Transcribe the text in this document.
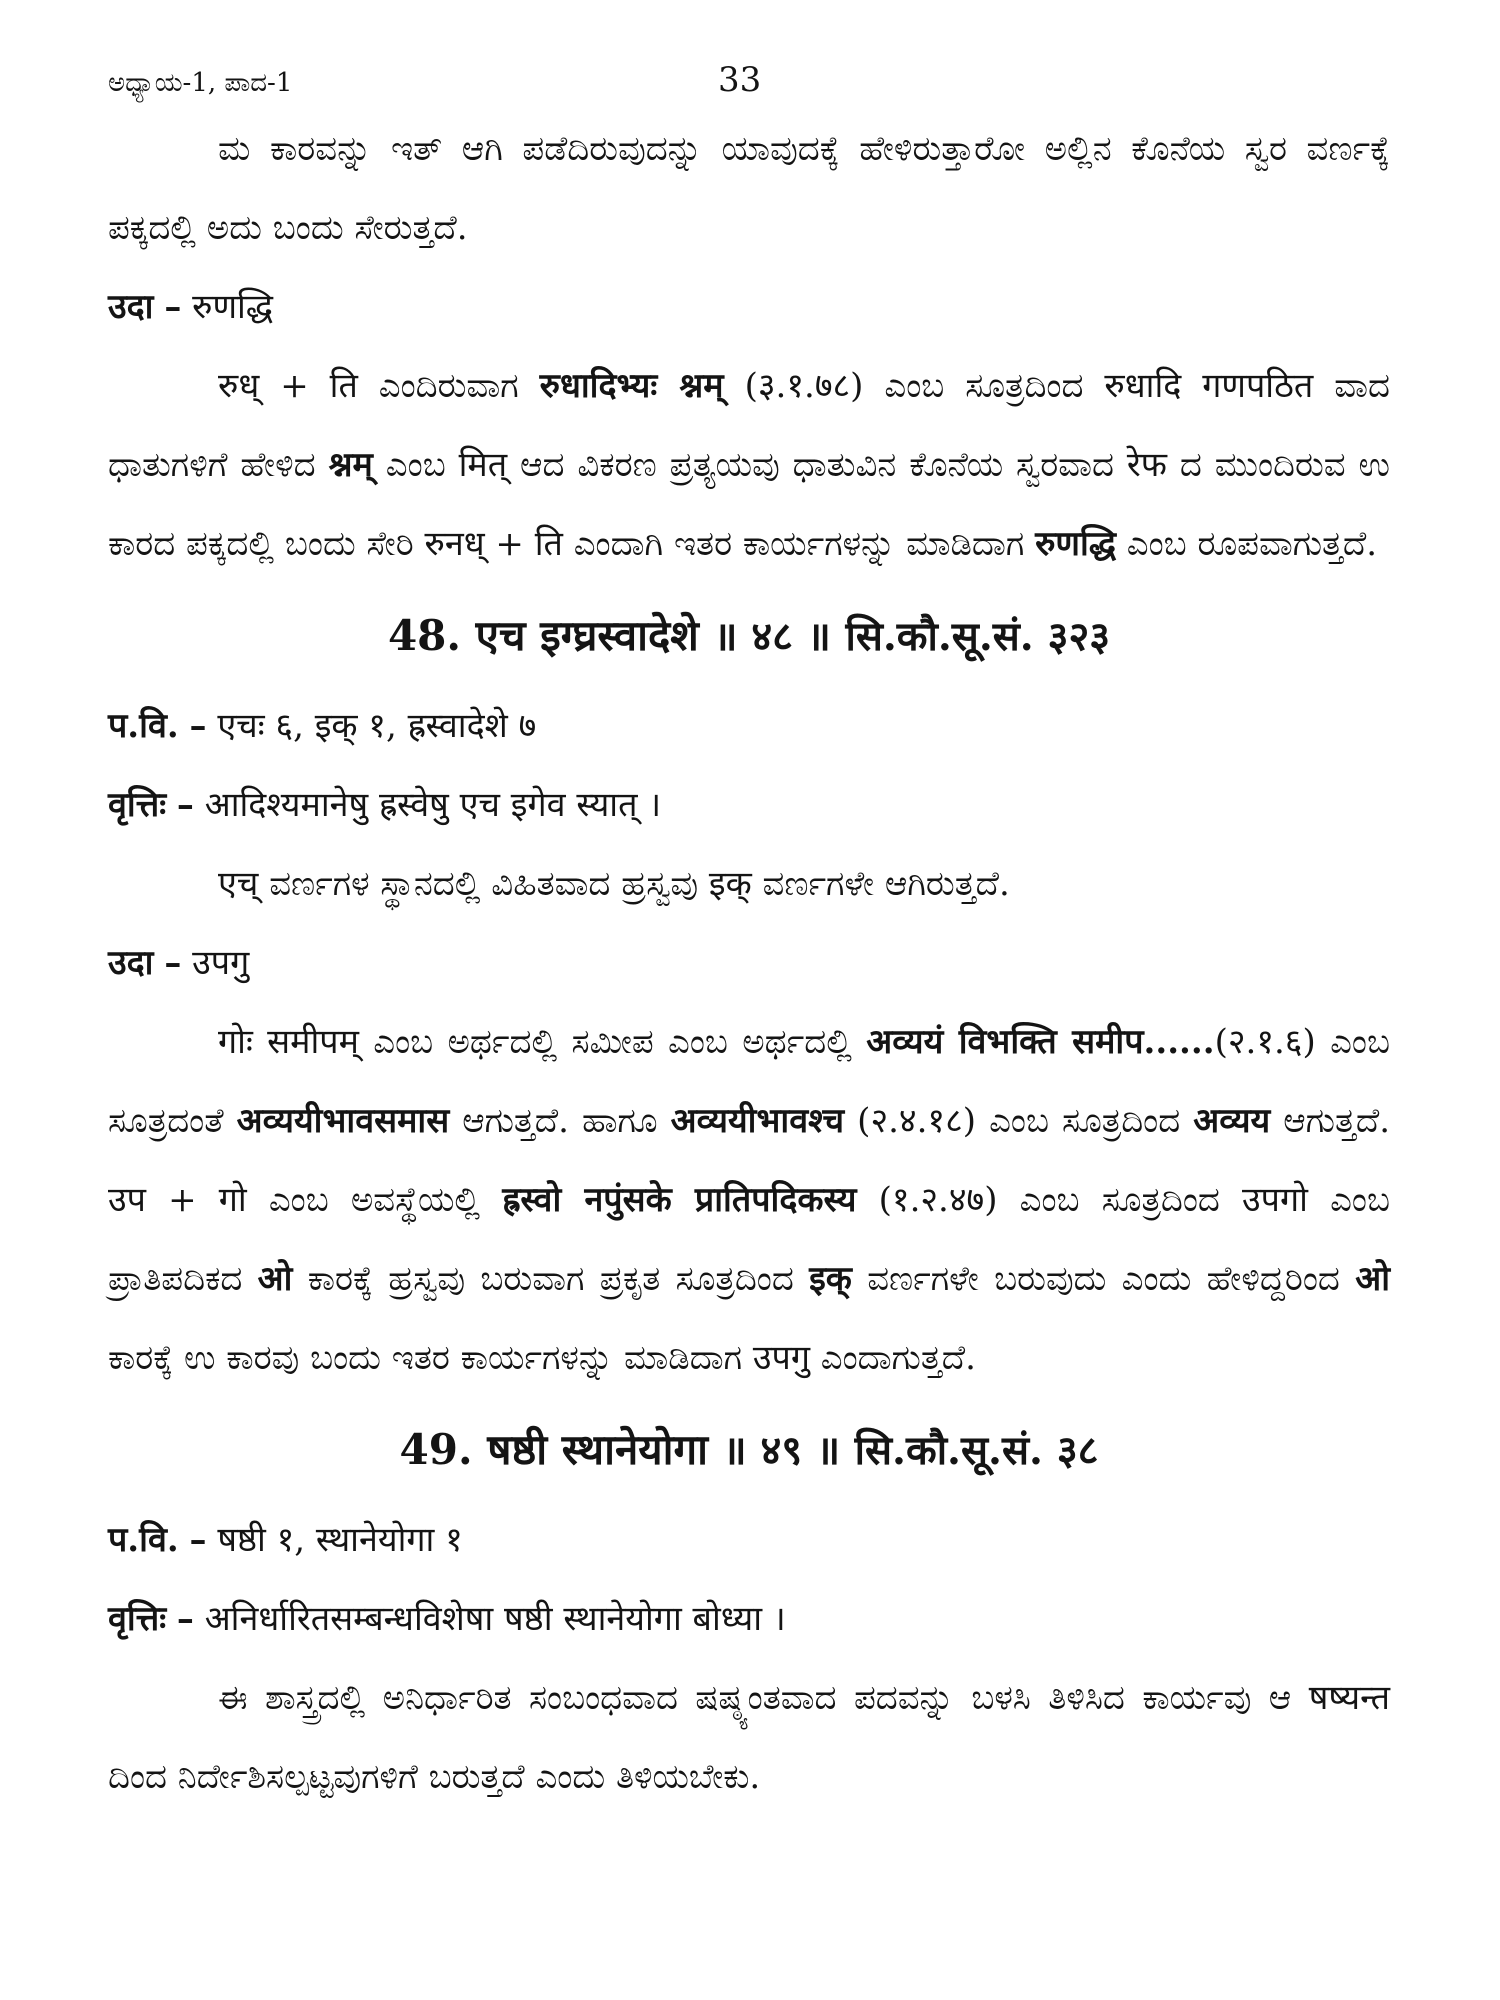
ಅಧ್ಯಾಯ-1, ಪಾದ-1	33

ಮ ಕಾರವನ್ನು ಇತ್ ಆಗಿ ಪಡೆದಿರುವುದನ್ನು ಯಾವುದಕ್ಕೆ ಹೇಳಿರುತ್ತಾರೋ ಅಲ್ಲಿನ ಕೊನೆಯ ಸ್ವರ ವರ್ಣಕ್ಕೆ ಪಕ್ಕದಲ್ಲಿ ಅದು ಬಂದು ಸೇರುತ್ತದೆ.

उदा – रुणद्धि

रुध् + ति ಎಂದಿರುವಾಗ रुधादिभ्यः श्नम् (३.१.७८) ಎಂಬ ಸೂತ್ರದಿಂದ रुधादि गणपठित ವಾದ ಧಾತುಗಳಿಗೆ ಹೇಳಿದ श्नम् ಎಂಬ मित् ಆದ ವಿಕರಣ ಪ್ರತ್ಯಯವು ಧಾತುವಿನ ಕೊನೆಯ ಸ್ವರವಾದ रेफ ದ ಮುಂದಿರುವ ಉ ಕಾರದ ಪಕ್ಕದಲ್ಲಿ ಬಂದು ಸೇರಿ रुनध् + ति ಎಂದಾಗಿ ಇತರ ಕಾರ್ಯಗಳನ್ನು ಮಾಡಿದಾಗ रुणद्धि ಎಂಬ ರೂಪವಾಗುತ್ತದೆ.

48. एच इग्घ्रस्वादेशे ॥ ४८ ॥ सि.कौ.सू.सं. ३२३

प.वि. – एचः ६, इक् १, ह्रस्वादेशे ७

वृत्तिः – आदिश्यमानेषु ह्रस्वेषु एच इगेव स्यात् ।

एच् ವರ್ಣಗಳ ಸ್ಥಾನದಲ್ಲಿ ವಿಹಿತವಾದ ಹ್ರಸ್ವವು इक् ವರ್ಣಗಳೇ ಆಗಿರುತ್ತದೆ.

उदा – उपगु

गोः समीपम् ಎಂಬ ಅರ್ಥದಲ್ಲಿ ಸಮೀಪ ಎಂಬ ಅರ್ಥದಲ್ಲಿ अव्ययं विभक्ति समीप......(२.१.६) ಎಂಬ ಸೂತ್ರದಂತೆ अव्ययीभावसमास ಆಗುತ್ತದೆ. ಹಾಗೂ अव्ययीभावश्च (२.४.१८) ಎಂಬ ಸೂತ್ರದಿಂದ अव्यय ಆಗುತ್ತದೆ. उप + गो ಎಂಬ ಅವಸ್ಥೆಯಲ್ಲಿ ह्रस्वो नपुंसके प्रातिपदिकस्य (१.२.४७) ಎಂಬ ಸೂತ್ರದಿಂದ उपगो ಎಂಬ ಪ್ರಾತಿಪದಿಕದ ओ ಕಾರಕ್ಕೆ ಹ್ರಸ್ವವು ಬರುವಾಗ ಪ್ರಕೃತ ಸೂತ್ರದಿಂದ इक् ವರ್ಣಗಳೇ ಬರುವುದು ಎಂದು ಹೇಳಿದ್ದರಿಂದ ओ ಕಾರಕ್ಕೆ ಉ ಕಾರವು ಬಂದು ಇತರ ಕಾರ್ಯಗಳನ್ನು ಮಾಡಿದಾಗ उपगु ಎಂದಾಗುತ್ತದೆ.

49. षष्ठी स्थानेयोगा ॥ ४९ ॥ सि.कौ.सू.सं. ३८

प.वि. – षष्ठी १, स्थानेयोगा १

वृत्तिः – अनिर्धारितसम्बन्धविशेषा षष्ठी स्थानेयोगा बोध्या ।

ಈ ಶಾಸ್ತ್ರದಲ್ಲಿ ಅನಿರ್ಧಾರಿತ ಸಂಬಂಧವಾದ ಷಷ್ಠ್ಯಂತವಾದ ಪದವನ್ನು ಬಳಸಿ ತಿಳಿಸಿದ ಕಾರ್ಯವು ಆ षष्यन्त ದಿಂದ ನಿರ್ದೇಶಿಸಲ್ಪಟ್ಟವುಗಳಿಗೆ ಬರುತ್ತದೆ ಎಂದು ತಿಳಿಯಬೇಕು.
